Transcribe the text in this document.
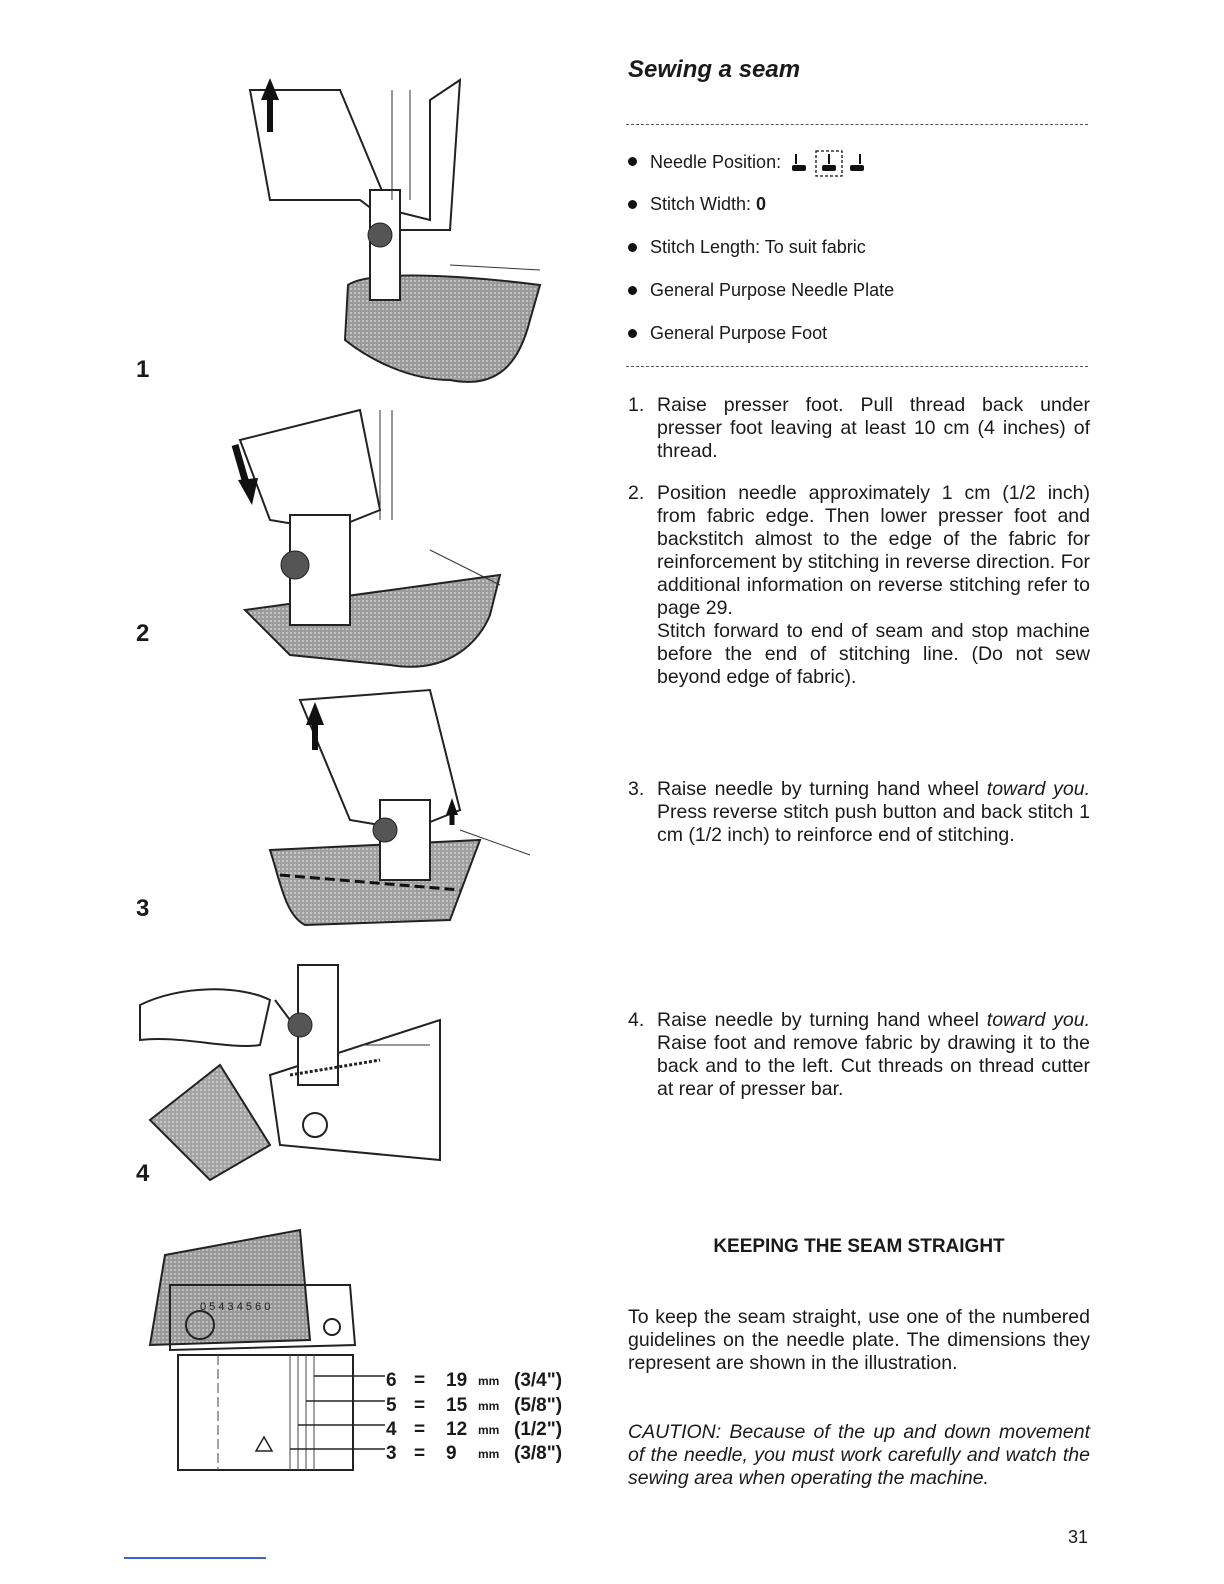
0 5 4 3 4 5 6 0
1
2
3
4
6 = 19 mm (3/4")
5 = 15 mm (5/8")
4 = 12 mm (1/2")
3 = 9 mm (3/8")
Sewing a seam
Needle Position:
Stitch Width: 0
Stitch Length: To suit fabric
General Purpose Needle Plate
General Purpose Foot
1. Raise presser foot. Pull thread back under presser foot leaving at least 10 cm (4 inches) of thread.
2. Position needle approximately 1 cm (1/2 inch) from fabric edge. Then lower presser foot and backstitch almost to the edge of the fabric for reinforcement by stitching in reverse direction. For additional information on reverse stitching refer to page 29.
Stitch forward to end of seam and stop machine before the end of stitching line. (Do not sew beyond edge of fabric).
3. Raise needle by turning hand wheel toward you. Press reverse stitch push button and back stitch 1 cm (1/2 inch) to reinforce end of stitching.
4. Raise needle by turning hand wheel toward you. Raise foot and remove fabric by drawing it to the back and to the left. Cut threads on thread cutter at rear of presser bar.
KEEPING THE SEAM STRAIGHT
To keep the seam straight, use one of the numbered guidelines on the needle plate. The dimensions they represent are shown in the illustration.
CAUTION: Because of the up and down movement of the needle, you must work carefully and watch the sewing area when operating the machine.
31
